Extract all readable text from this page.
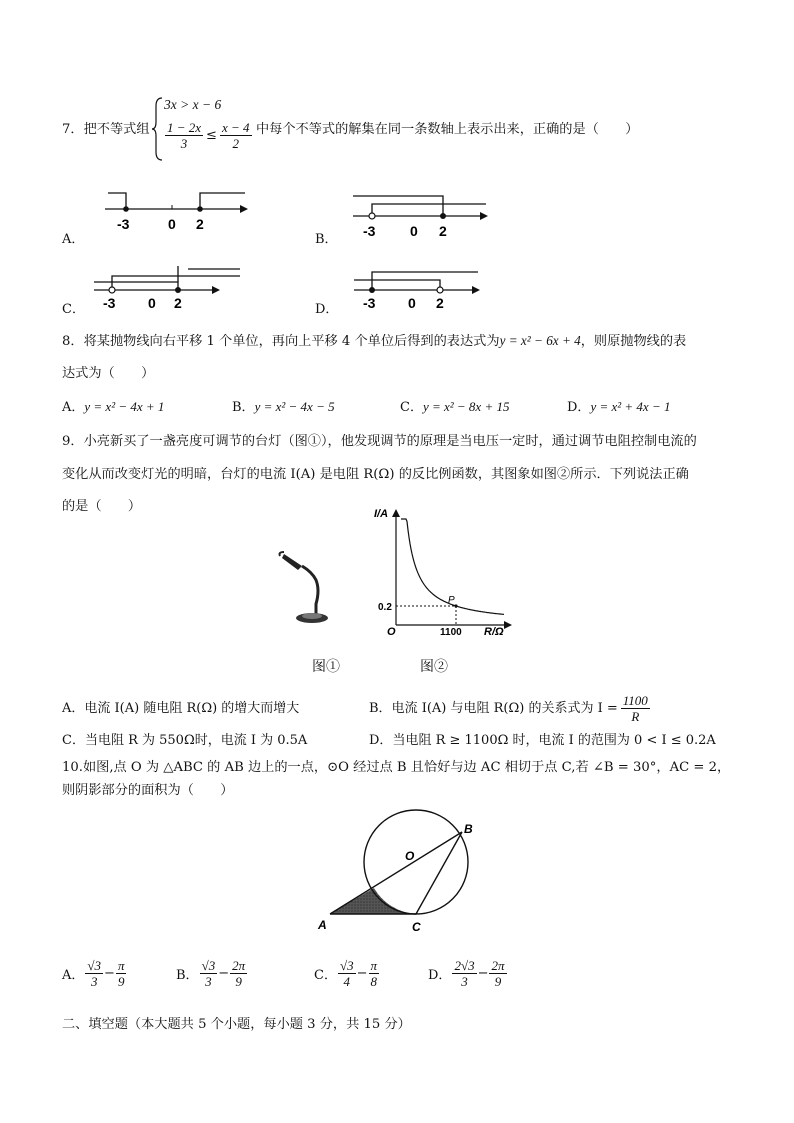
7．把不等式组
3x > x − 6
$\frac{1 - 2x}{3} \le \frac{x - 4}{2}$ 中每个不等式的解集在同一条数轴上表示出来，正确的是（　　）
A．
-3	0 2
B．
-3 0 2
C． -3 0 2	D． -3 0 2
8．将某抛物线向右平移 1 个单位，再向上平移 4 个单位后得到的表达式为y = x² − 6x + 4，则原抛物线的表
达式为（　　）
A．y = x² − 4x + 1	B．y = x² − 4x − 5	C．y = x² − 8x + 15	D．y = x² + 4x − 1
9．小亮新买了一盏亮度可调节的台灯（图①），他发现调节的原理是当电压一定时，通过调节电阻控制电流的
变化从而改变灯光的明暗，台灯的电流 I(A) 是电阻 R(Ω) 的反比例函数，其图象如图②所示．下列说法正确
的是（　　）	I/A
R/Ω
O
0.2
1100
P
图①	图②
A．电流 I(A) 随电阻 R(Ω) 的增大而增大	B．电流 I(A) 与电阻 R(Ω) 的关系式为 $I = \frac{1100}{R}$
C．当电阻 R 为 550Ω时，电流 I 为 0.5A	D．当电阻 R ≥ 1100Ω 时，电流 I 的范围为 0 < I ≤ 0.2A
10.如图,点 O 为 △ABC 的 AB 边上的一点，⊙O 经过点 B 且恰好与边 AC 相切于点 C,若 ∠B = 30°，AC = 2，
则阴影部分的面积为（　　）
A
B
C
O
A． $\frac{√3}{3} - \frac{\pi}{9}$	B． $\frac{√3}{3} - \frac{2\pi}{9}$	C． $\frac{√3}{4} - \frac{\pi}{8}$	D． $\frac{2√3}{3} - \frac{2\pi}{9}$
二、填空题（本大题共 5 个小题，每小题 3 分，共 15 分）
